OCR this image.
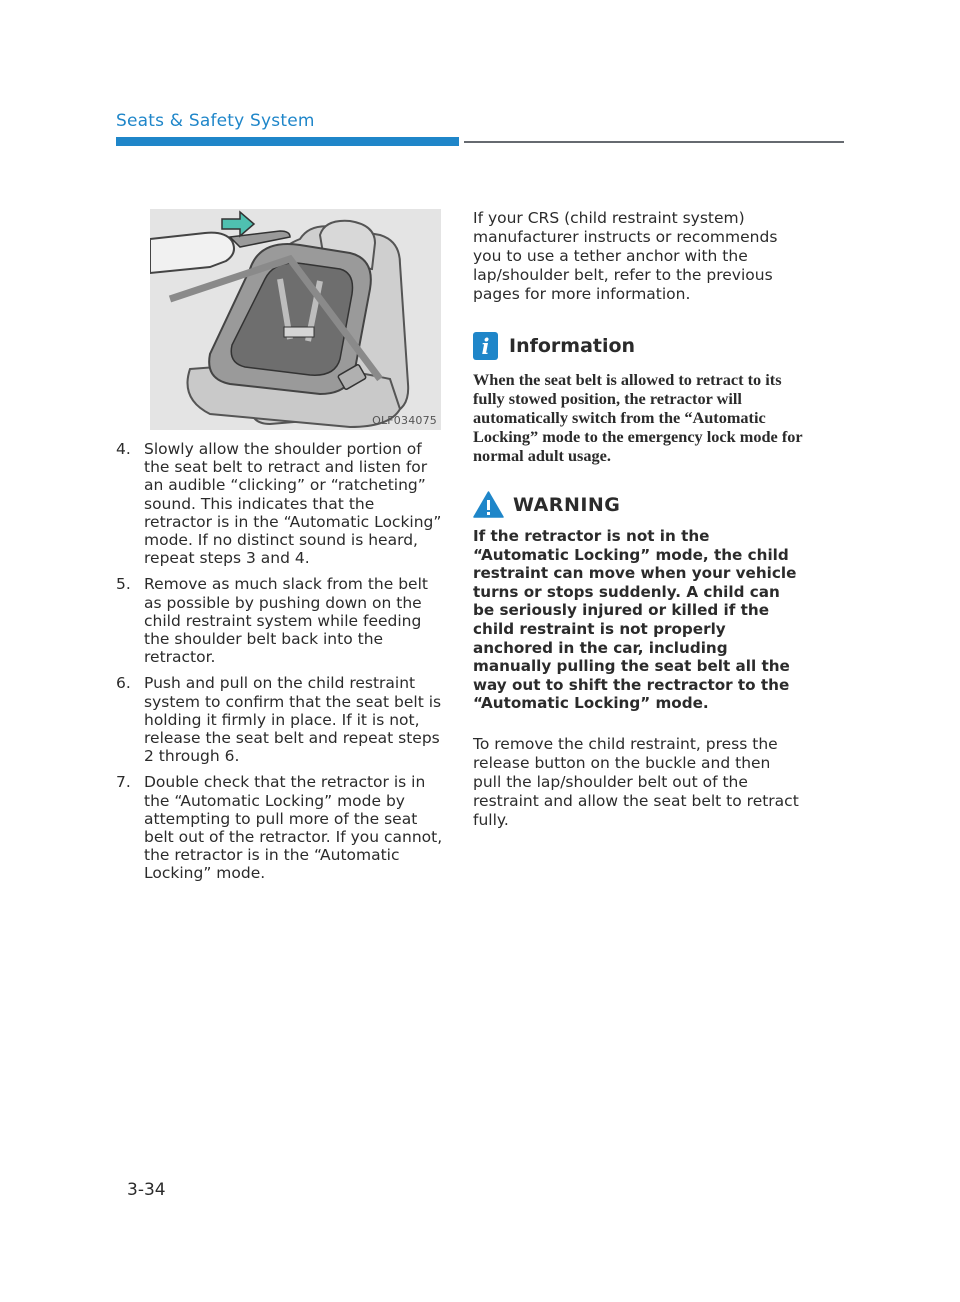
Seats & Safety System
OLF034075
4. Slowly allow the shoulder portion of the seat belt to retract and listen for an audible “clicking” or “ratcheting” sound. This indicates that the retractor is in the “Automatic Locking” mode. If no distinct sound is heard, repeat steps 3 and 4.
5. Remove as much slack from the belt as possible by pushing down on the child restraint system while feeding the shoulder belt back into the retractor.
6. Push and pull on the child restraint system to confirm that the seat belt is holding it firmly in place. If it is not, release the seat belt and repeat steps 2 through 6.
7. Double check that the retractor is in the “Automatic Locking” mode by attempting to pull more of the seat belt out of the retractor. If you cannot, the retractor is in the “Automatic Locking” mode.

If your CRS (child restraint system) manufacturer instructs or recommends you to use a tether anchor with the lap/shoulder belt, refer to the previous pages for more information.

i	Information
When the seat belt is allowed to retract to its fully stowed position, the retractor will automatically switch from the “Automatic Locking” mode to the emergency lock mode for normal adult usage.
WARNING
If the retractor is not in the “Automatic Locking” mode, the child restraint can move when your vehicle turns or stops suddenly. A child can be seriously injured or killed if the child restraint is not properly anchored in the car, including manually pulling the seat belt all the way out to shift the rectractor to the “Automatic Locking” mode.

To remove the child restraint, press the release button on the buckle and then pull the lap/shoulder belt out of the restraint and allow the seat belt to retract fully.

3-34
